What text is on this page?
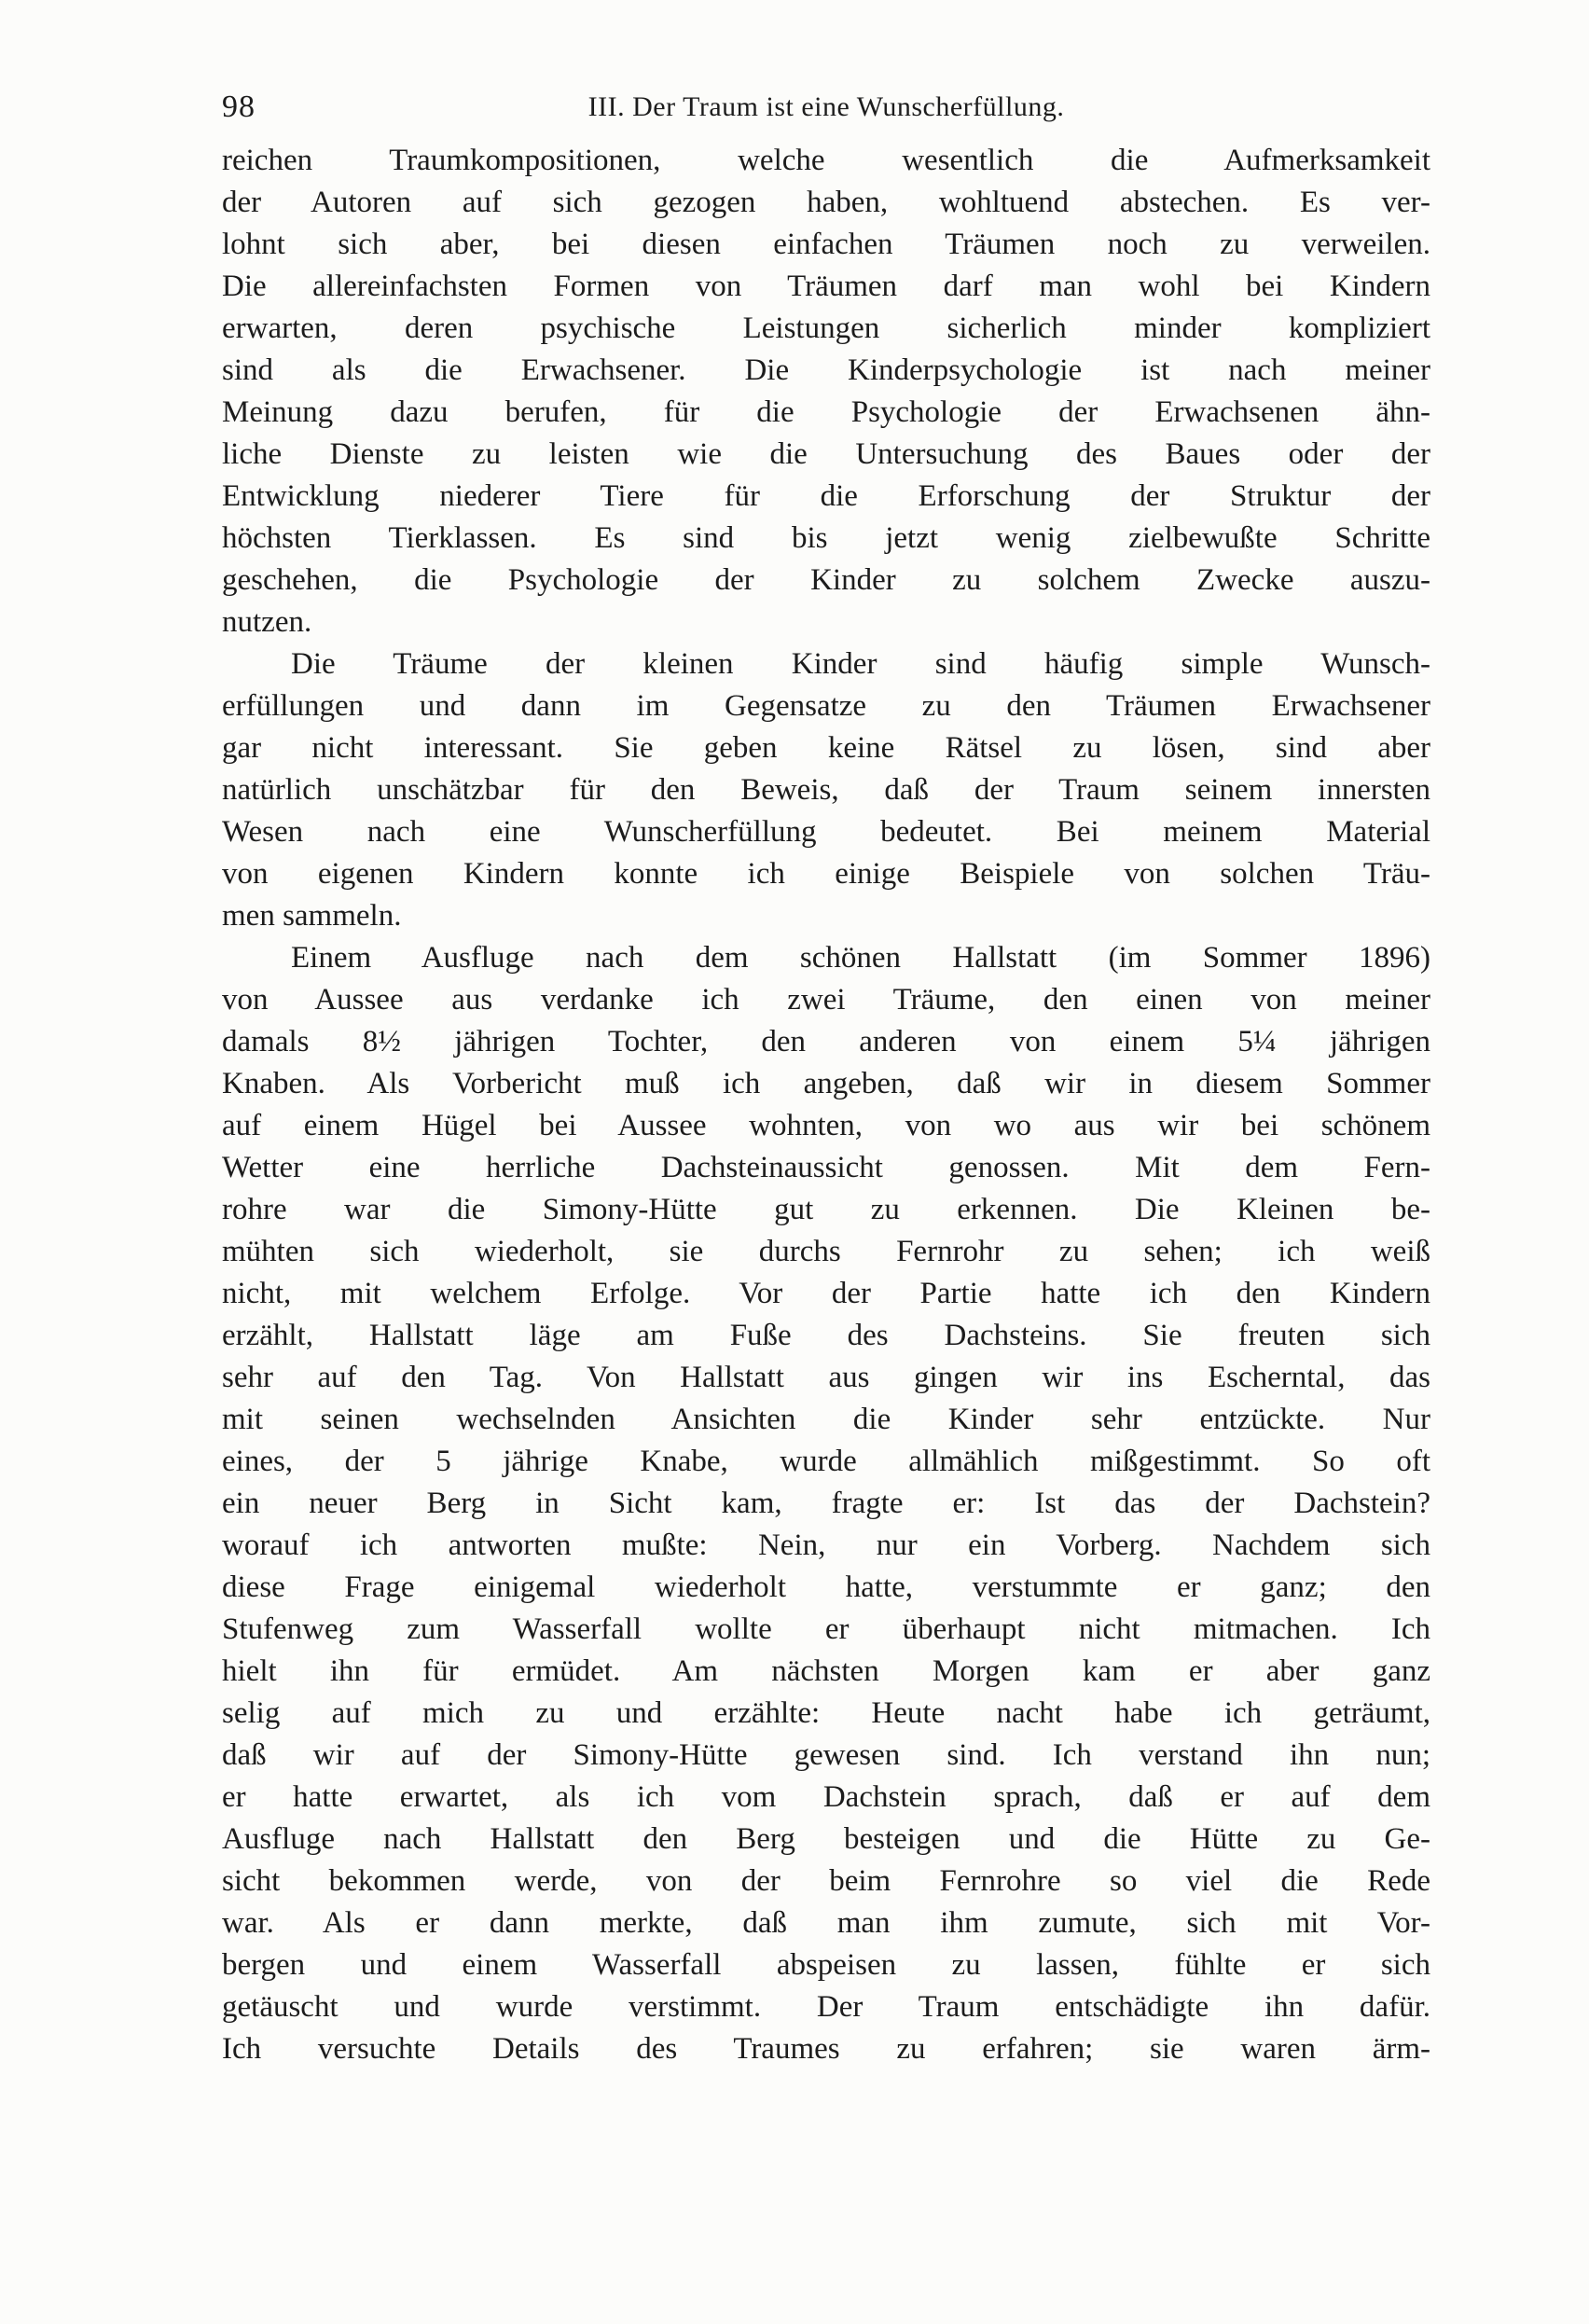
98	III. Der Traum ist eine Wunscherfüllung.
reichen Traumkompositionen, welche wesentlich die Aufmerksamkeit
der Autoren auf sich gezogen haben, wohltuend abstechen. Es ver-
lohnt sich aber, bei diesen einfachen Träumen noch zu verweilen.
Die allereinfachsten Formen von Träumen darf man wohl bei Kindern
erwarten, deren psychische Leistungen sicherlich minder kompliziert
sind als die Erwachsener. Die Kinderpsychologie ist nach meiner
Meinung dazu berufen, für die Psychologie der Erwachsenen ähn-
liche Dienste zu leisten wie die Untersuchung des Baues oder der
Entwicklung niederer Tiere für die Erforschung der Struktur der
höchsten Tierklassen. Es sind bis jetzt wenig zielbewußte Schritte
geschehen, die Psychologie der Kinder zu solchem Zwecke auszu-
nutzen.
Die Träume der kleinen Kinder sind häufig simple Wunsch-
erfüllungen und dann im Gegensatze zu den Träumen Erwachsener
gar nicht interessant. Sie geben keine Rätsel zu lösen, sind aber
natürlich unschätzbar für den Beweis, daß der Traum seinem innersten
Wesen nach eine Wunscherfüllung bedeutet. Bei meinem Material
von eigenen Kindern konnte ich einige Beispiele von solchen Träu-
men sammeln.
Einem Ausfluge nach dem schönen Hallstatt (im Sommer 1896)
von Aussee aus verdanke ich zwei Träume, den einen von meiner
damals 8½ jährigen Tochter, den anderen von einem 5¼ jährigen
Knaben. Als Vorbericht muß ich angeben, daß wir in diesem Sommer
auf einem Hügel bei Aussee wohnten, von wo aus wir bei schönem
Wetter eine herrliche Dachsteinaussicht genossen. Mit dem Fern-
rohre war die Simony-Hütte gut zu erkennen. Die Kleinen be-
mühten sich wiederholt, sie durchs Fernrohr zu sehen; ich weiß
nicht, mit welchem Erfolge. Vor der Partie hatte ich den Kindern
erzählt, Hallstatt läge am Fuße des Dachsteins. Sie freuten sich
sehr auf den Tag. Von Hallstatt aus gingen wir ins Escherntal, das
mit seinen wechselnden Ansichten die Kinder sehr entzückte. Nur
eines, der 5 jährige Knabe, wurde allmählich mißgestimmt. So oft
ein neuer Berg in Sicht kam, fragte er: Ist das der Dachstein?
worauf ich antworten mußte: Nein, nur ein Vorberg. Nachdem sich
diese Frage einigemal wiederholt hatte, verstummte er ganz; den
Stufenweg zum Wasserfall wollte er überhaupt nicht mitmachen. Ich
hielt ihn für ermüdet. Am nächsten Morgen kam er aber ganz
selig auf mich zu und erzählte: Heute nacht habe ich geträumt,
daß wir auf der Simony-Hütte gewesen sind. Ich verstand ihn nun;
er hatte erwartet, als ich vom Dachstein sprach, daß er auf dem
Ausfluge nach Hallstatt den Berg besteigen und die Hütte zu Ge-
sicht bekommen werde, von der beim Fernrohre so viel die Rede
war. Als er dann merkte, daß man ihm zumute, sich mit Vor-
bergen und einem Wasserfall abspeisen zu lassen, fühlte er sich
getäuscht und wurde verstimmt. Der Traum entschädigte ihn dafür.
Ich versuchte Details des Traumes zu erfahren; sie waren ärm-
